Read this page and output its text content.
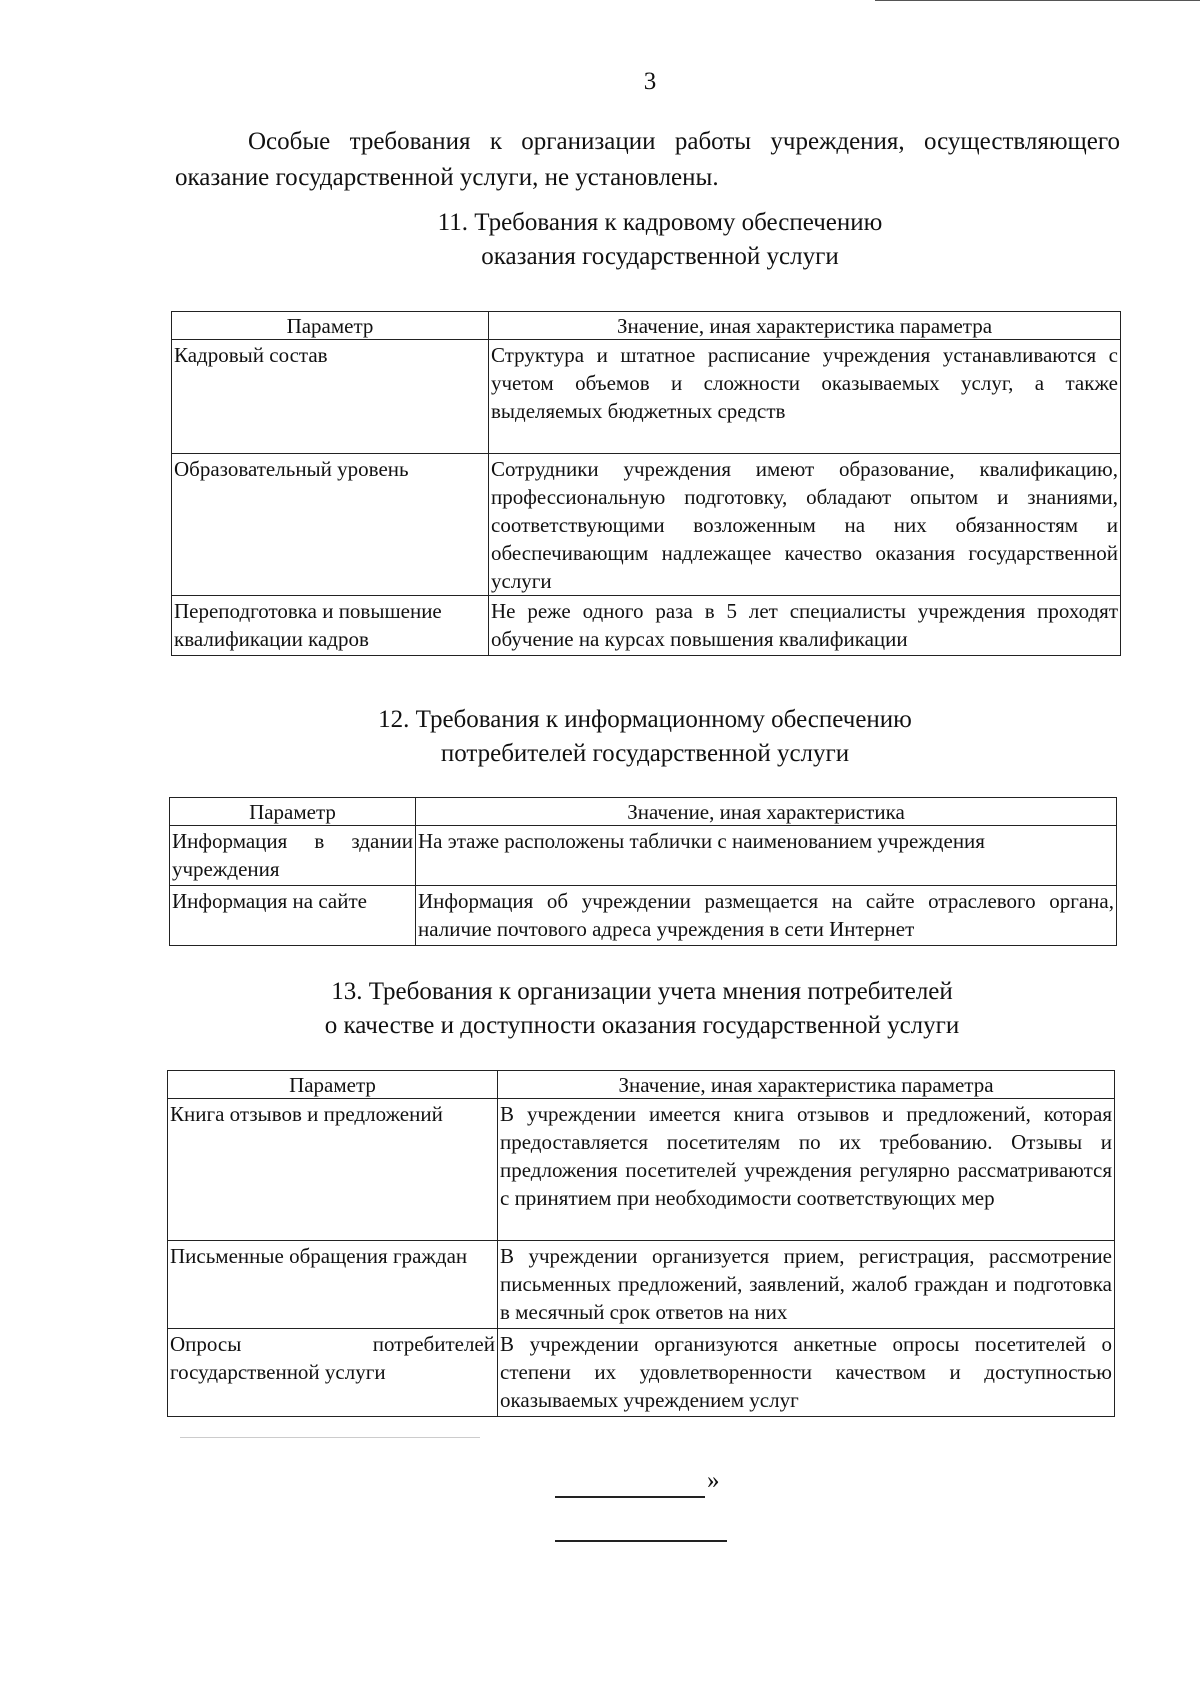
3
Особые требования к организации работы учреждения, осуществляющего оказание государственной услуги, не установлены.
11. Требования к кадровому обеспечению
оказания государственной услуги
Параметр	Значение, иная характеристика параметра
Кадровый состав	Структура и штатное расписание учреждения устанавливаются с учетом объемов и сложности оказываемых услуг, а также выделяемых бюджетных средств
Образовательный уровень	Сотрудники учреждения имеют образование, квалификацию, профессиональную подготовку, обладают опытом и знаниями, соответствующими возложенным на них обязанностям и обеспечивающим надлежащее качество оказания государственной услуги
Переподготовка и повышение квалификации кадров	Не реже одного раза в 5 лет специалисты учреждения проходят обучение на курсах повышения квалификации
12. Требования к информационному обеспечению
потребителей государственной услуги
Параметр	Значение, иная характеристика
Информация в здании учреждения	На этаже расположены таблички с наименованием учреждения
Информация на сайте	Информация об учреждении размещается на сайте отраслевого органа, наличие почтового адреса учреждения в сети Интернет
13. Требования к организации учета мнения потребителей
о качестве и доступности оказания государственной услуги
Параметр	Значение, иная характеристика параметра
Книга отзывов и предложений	В учреждении имеется книга отзывов и предложений, которая предоставляется посетителям по их требованию. Отзывы и предложения посетителей учреждения регулярно рассматриваются с принятием при необходимости соответствующих мер
Письменные обращения граждан	В учреждении организуется прием, регистрация, рассмотрение письменных предложений, заявлений, жалоб граждан и подготовка в месячный срок ответов на них
Опросы потребителей государственной услуги	В учреждении организуются анкетные опросы посетителей о степени их удовлетворенности качеством и доступностью оказываемых учреждением услуг
»
